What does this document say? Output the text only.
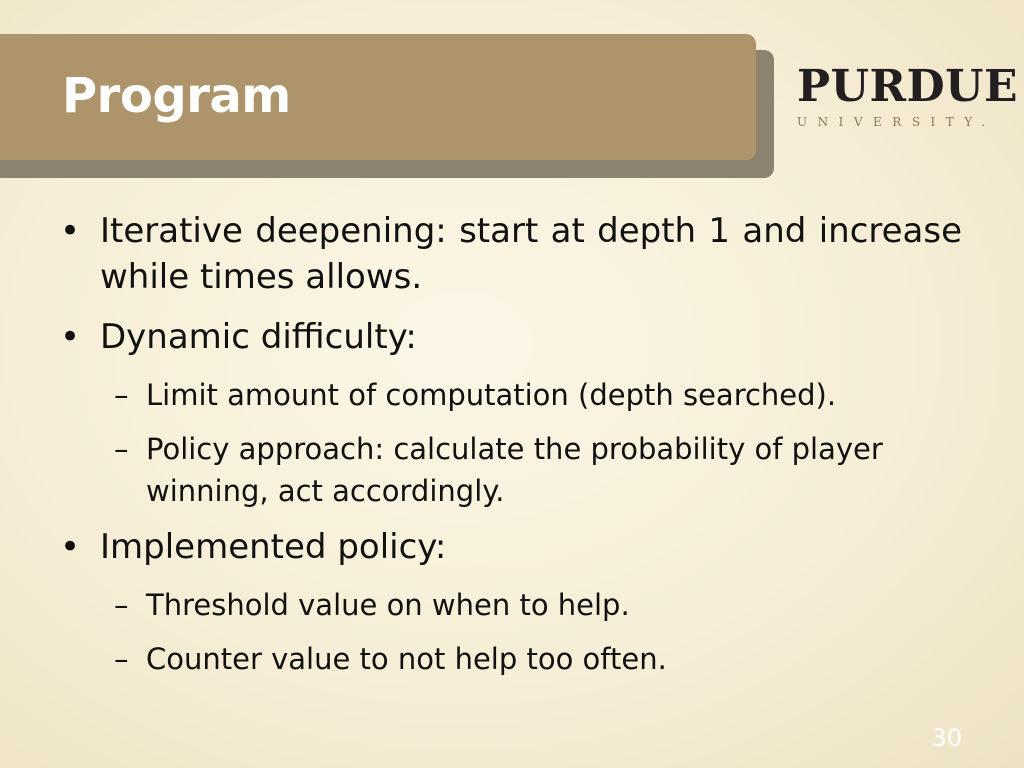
Program	PURDUE
UNIVERSITY.
• Iterative deepening: start at depth 1 and increase while times allows.
• Dynamic difficulty:
– Limit amount of computation (depth searched).
– Policy approach: calculate the probability of player winning, act accordingly.
• Implemented policy:
– Threshold value on when to help.
– Counter value to not help too often.
30
